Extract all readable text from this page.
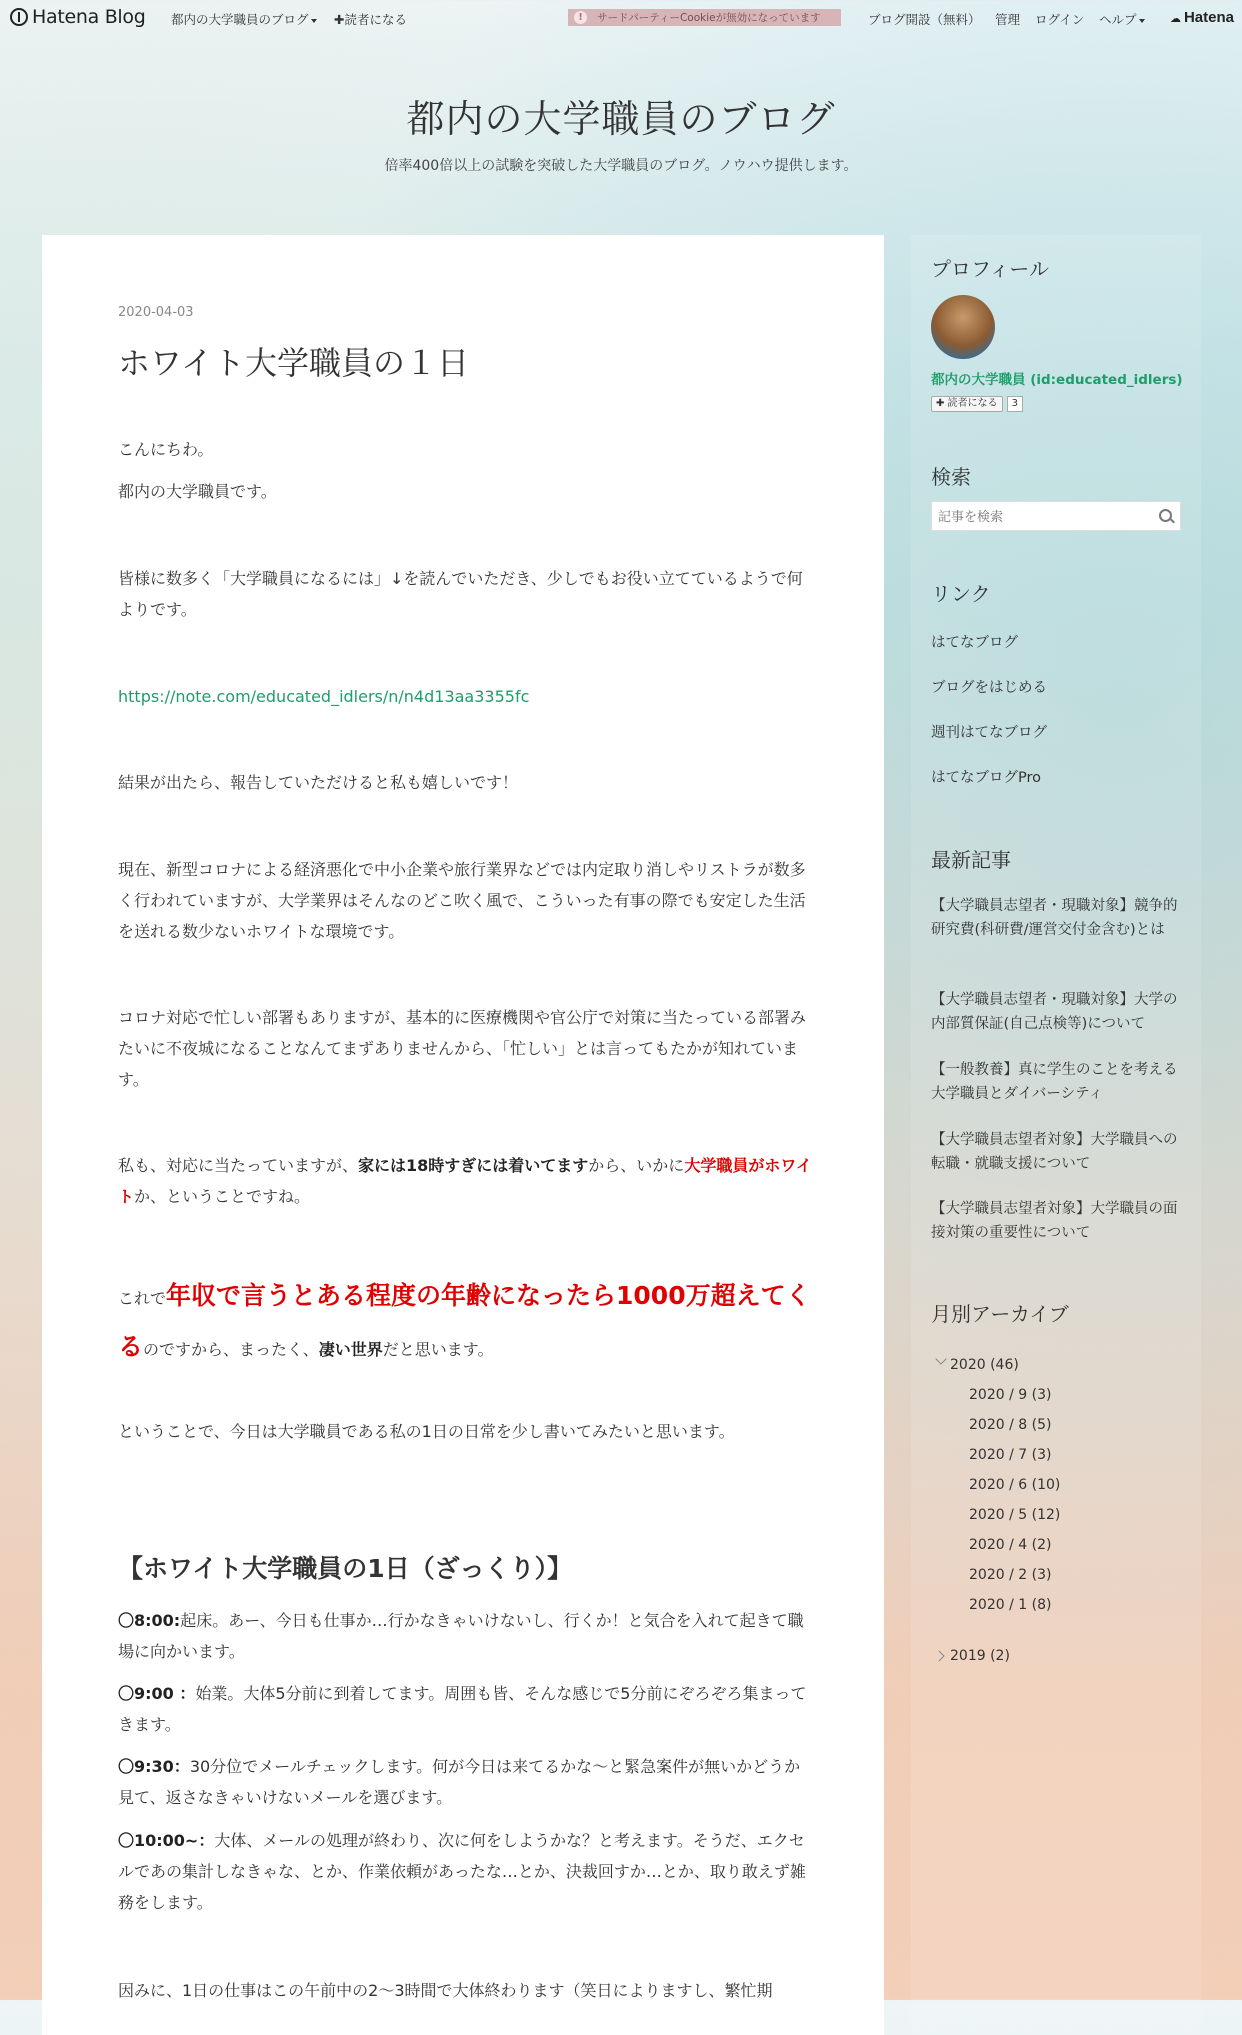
Hatena Blog 都内の大学職員のブログ	✚読者になる	!	サードパーティーCookieが無効になっています	ブログ開設（無料） 管理 ログイン ヘルプ	☁ Hatena
都内の大学職員のブログ
倍率400倍以上の試験を突破した大学職員のブログ。ノウハウ提供します。
2020-04-03
ホワイト大学職員の１日
こんにちわ。
都内の大学職員です。
皆様に数多く「大学職員になるには」↓を読んでいただき、少しでもお役い立てているようで何よりです。
https://note.com/educated_idlers/n/n4d13aa3355fc
結果が出たら、報告していただけると私も嬉しいです！
現在、新型コロナによる経済悪化で中小企業や旅行業界などでは内定取り消しやリストラが数多く行われていますが、大学業界はそんなのどこ吹く風で、こういった有事の際でも安定した生活を送れる数少ないホワイトな環境です。
コロナ対応で忙しい部署もありますが、基本的に医療機関や官公庁で対策に当たっている部署みたいに不夜城になることなんてまずありませんから、「忙しい」とは言ってもたかが知れています。
私も、対応に当たっていますが、家には18時すぎには着いてますから、いかに大学職員がホワイトか、ということですね。
これで年収で言うとある程度の年齢になったら1000万超えてくるのですから、まったく、凄い世界だと思います。
ということで、今日は大学職員である私の1日の日常を少し書いてみたいと思います。
【ホワイト大学職員の1日（ざっくり）】
〇8:00:起床。あー、今日も仕事か…行かなきゃいけないし、行くか！と気合を入れて起きて職場に向かいます。
〇9:00 ：始業。大体5分前に到着してます。周囲も皆、そんな感じで5分前にぞろぞろ集まってきます。
〇9:30：30分位でメールチェックします。何が今日は来てるかな～と緊急案件が無いかどうか見て、返さなきゃいけないメールを選びます。
〇10:00~：大体、メールの処理が終わり、次に何をしようかな？と考えます。そうだ、エクセルであの集計しなきゃな、とか、作業依頼があったな…とか、決裁回すか…とか、取り敢えず雑務をします。
因みに、1日の仕事はこの午前中の2～3時間で大体終わります（笑日によりますし、繁忙期
プロフィール
都内の大学職員 (id:educated_idlers)
✚ 読者になる	3
検索
記事を検索
リンク
はてなブログ
ブログをはじめる
週刊はてなブログ
はてなブログPro
最新記事
【大学職員志望者・現職対象】競争的研究費(科研費/運営交付金含む)とは
【大学職員志望者・現職対象】大学の内部質保証(自己点検等)について
【一般教養】真に学生のことを考える大学職員とダイバーシティ
【大学職員志望者対象】大学職員への転職・就職支援について
【大学職員志望者対象】大学職員の面接対策の重要性について
月別アーカイブ
2020 (46)
2020 / 9 (3)
2020 / 8 (5)
2020 / 7 (3)
2020 / 6 (10)
2020 / 5 (12)
2020 / 4 (2)
2020 / 2 (3)
2020 / 1 (8)
2019 (2)
